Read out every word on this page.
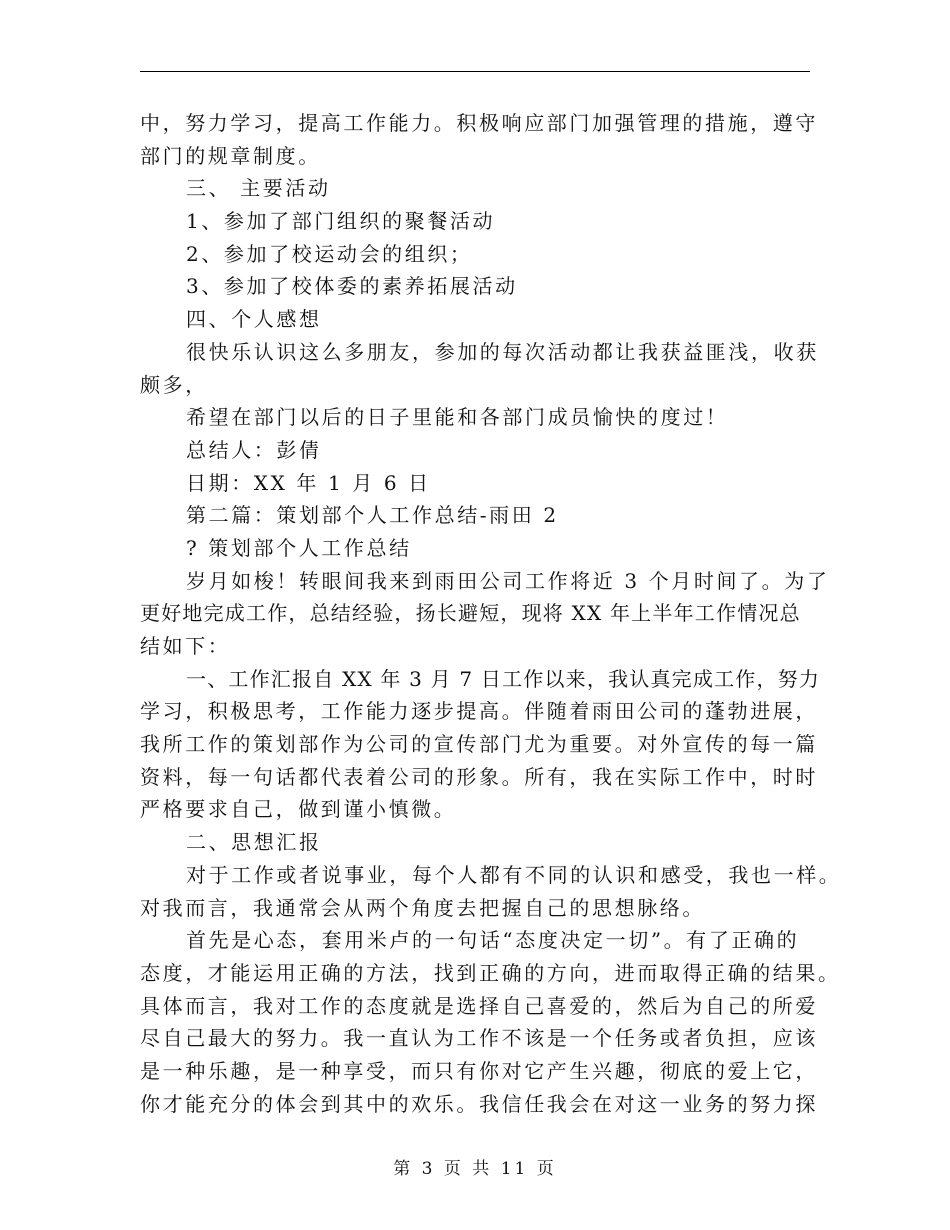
中，努力学习，提高工作能力。积极响应部门加强管理的措施，遵守
部门的规章制度。
三、 主要活动
1、参加了部门组织的聚餐活动
2、参加了校运动会的组织；
3、参加了校体委的素养拓展活动
四、个人感想
很快乐认识这么多朋友，参加的每次活动都让我获益匪浅，收获
颇多，
希望在部门以后的日子里能和各部门成员愉快的度过！
总结人：彭倩
日期：XX 年 1 月 6 日
第二篇：策划部个人工作总结-雨田 2
? 策划部个人工作总结
岁月如梭！转眼间我来到雨田公司工作将近 3 个月时间了。为了
更好地完成工作，总结经验，扬长避短，现将 XX 年上半年工作情况总
结如下：
一、工作汇报自 XX 年 3 月 7 日工作以来，我认真完成工作，努力
学习，积极思考，工作能力逐步提高。伴随着雨田公司的蓬勃进展，
我所工作的策划部作为公司的宣传部门尤为重要。对外宣传的每一篇
资料，每一句话都代表着公司的形象。所有，我在实际工作中，时时
严格要求自己，做到谨小慎微。
二、思想汇报
对于工作或者说事业，每个人都有不同的认识和感受，我也一样。
对我而言，我通常会从两个角度去把握自己的思想脉络。
首先是心态，套用米卢的一句话“态度决定一切”。有了正确的
态度，才能运用正确的方法，找到正确的方向，进而取得正确的结果。
具体而言，我对工作的态度就是选择自己喜爱的，然后为自己的所爱
尽自己最大的努力。我一直认为工作不该是一个任务或者负担，应该
是一种乐趣，是一种享受，而只有你对它产生兴趣，彻底的爱上它，
你才能充分的体会到其中的欢乐。我信任我会在对这一业务的努力探
第 3 页 共 11 页
